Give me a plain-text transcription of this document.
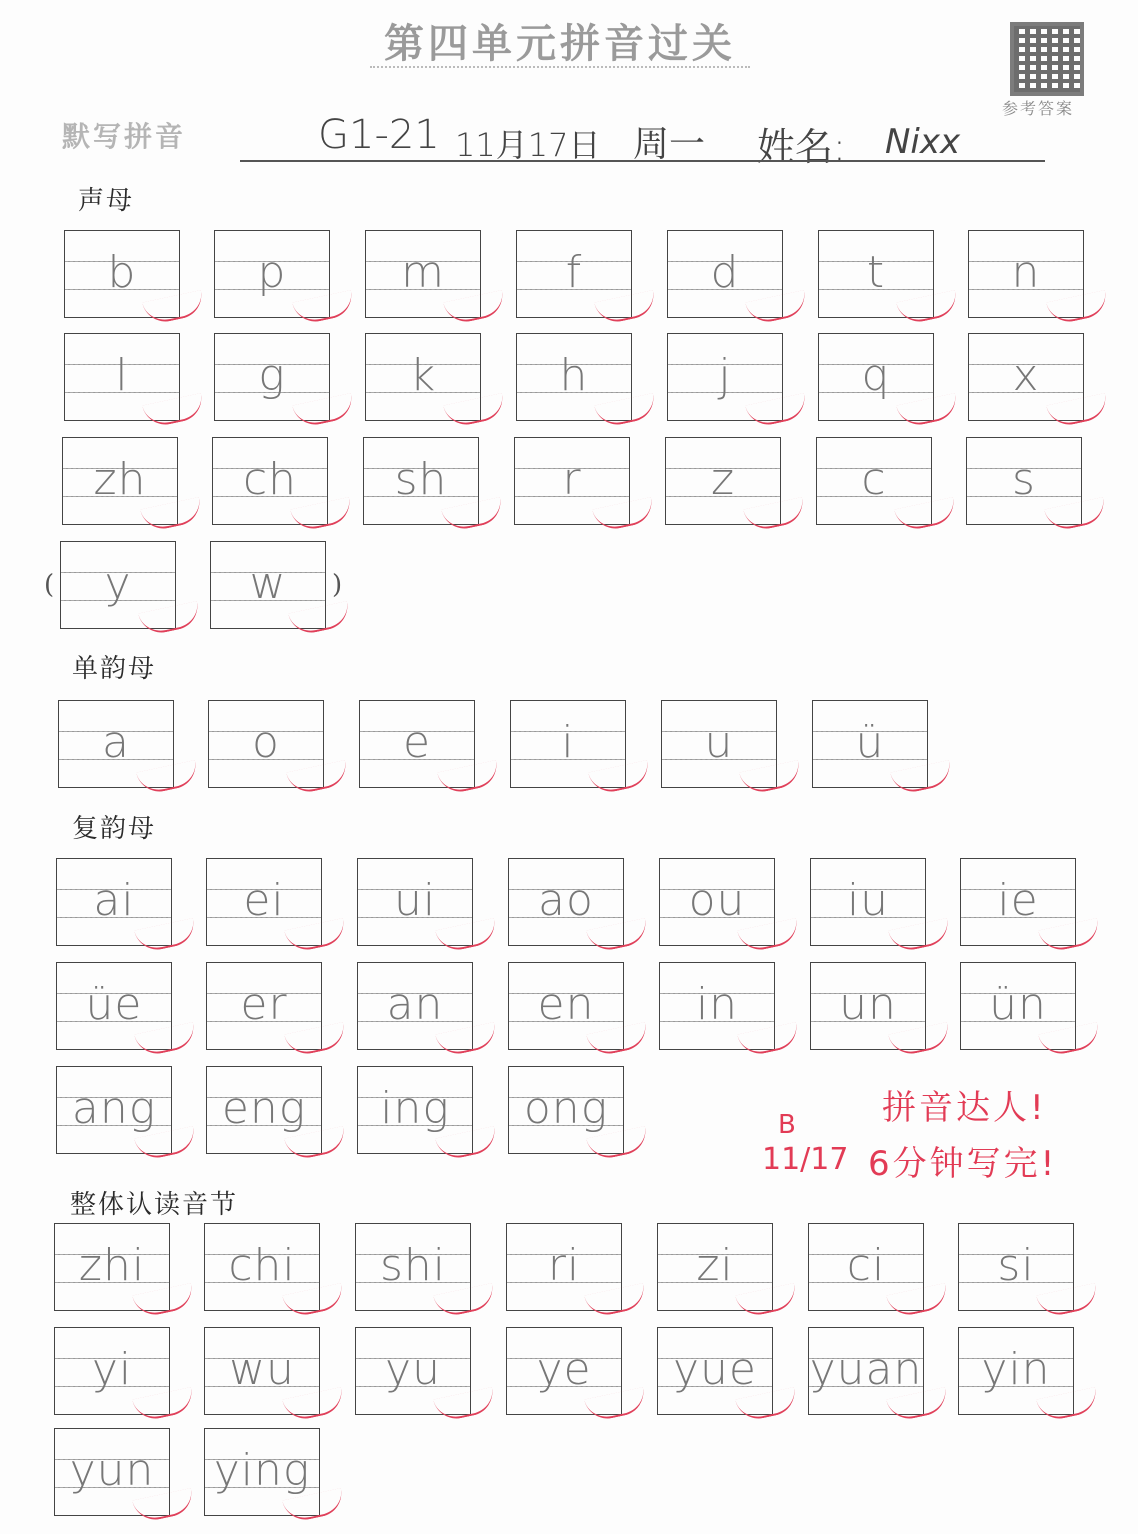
第四单元拼音过关
参考答案
默写拼音	G1-21 11月17日 周一 姓名: Nixx
声母
单韵母
复韵母
整体认读音节
(	)
b	p	m	f	d	t	n
l	g	k	h	j	q	x
zh	ch	sh	r	z	c	s
y	w
a	o	e	i	u	ü
ai	ei	ui	ao	ou	iu	ie
üe	er	an	en	in	un	ün
ang	eng	ing	ong
zhi	chi	shi	ri	zi	ci	si
yi	wu	yu	ye	yue	yuan	yin
yun	ying
拼音达人!
6分钟写完!
B
11/17
